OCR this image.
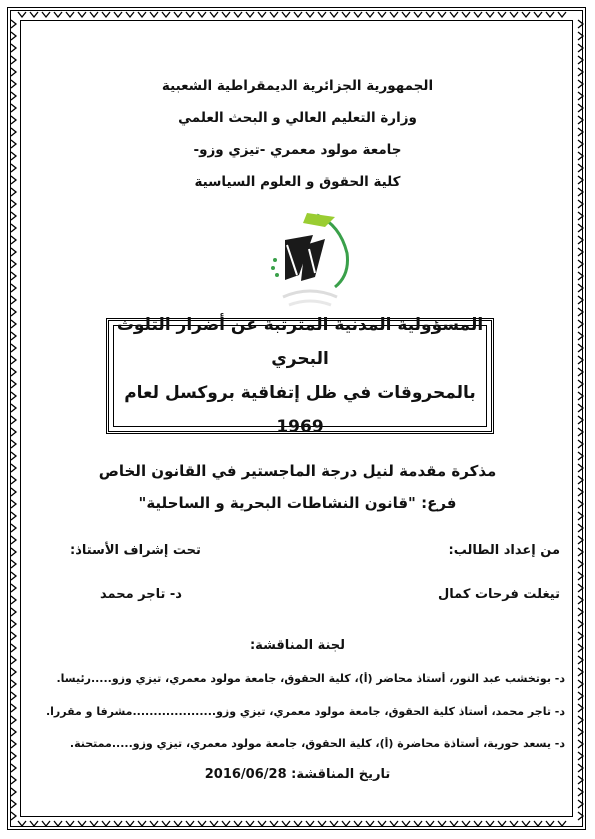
الجمهورية الجزائرية الديمقراطية الشعبية
وزارة التعليم العالي و البحث العلمي
جامعة مولود معمري -تيزي وزو-
كلية الحقوق و العلوم السياسية
المسؤولية المدنية المترتبة عن أضرار التلوث البحري
بالمحروقات في ظل إتفاقية بروكسل لعام 1969
مذكرة مقدمة لنيل درجة الماجستير في القانون الخاص
فرع: "قانون النشاطات البحرية و الساحلية"
من إعداد الطالب:
تحت إشراف الأستاذ:
تيغلت فرحات كمال
د- تاجر محمد
لجنة المناقشة:
د- بوتخشب عبد النور، أستاذ محاضر (أ)، كلية الحقوق، جامعة مولود معمري، تيزي وزو.....رئيسا.
د- تاجر محمد، أستاذ كلية الحقوق، جامعة مولود معمري، تيزي وزو....................مشرفا و مقررا.
د- يسعد حورية، أستاذة محاضرة (أ)، كلية الحقوق، جامعة مولود معمري، تيزي وزو.....ممتحنة.
تاريخ المناقشة: 2016/06/28
